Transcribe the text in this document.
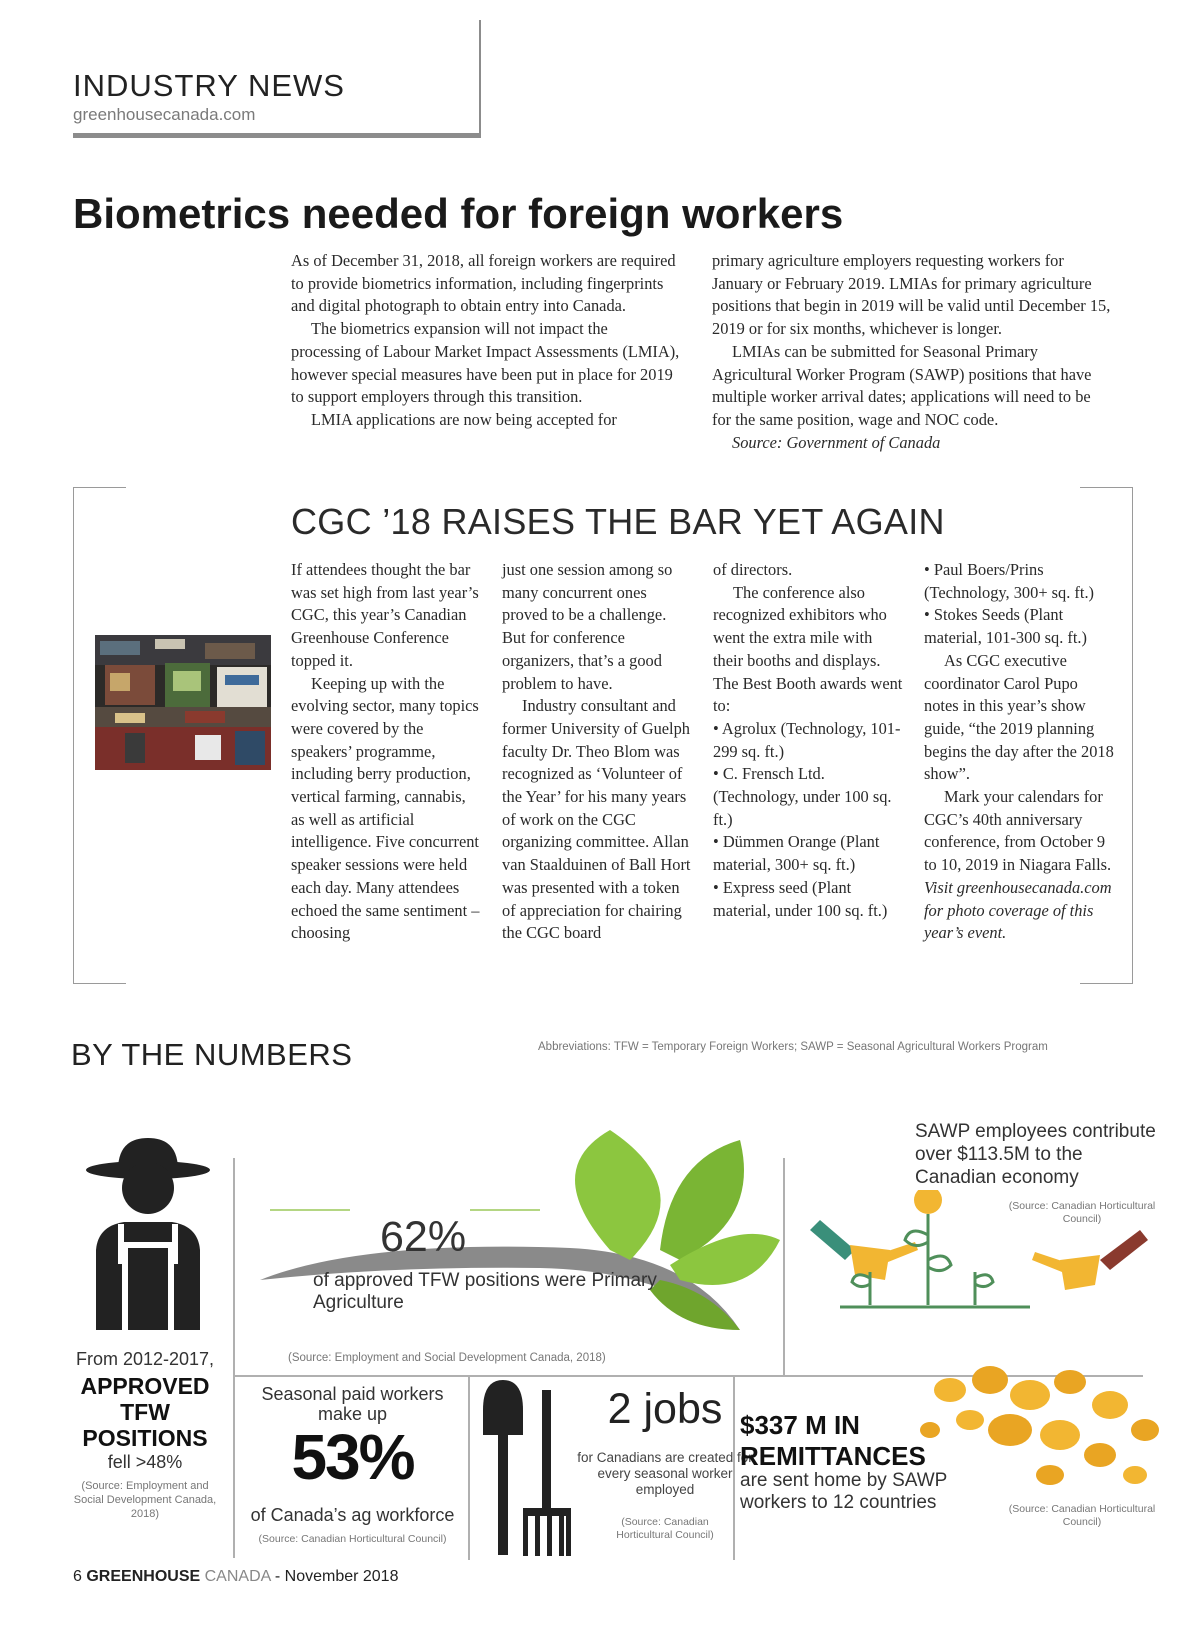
INDUSTRY NEWS
greenhousecanada.com
Biometrics needed for foreign workers

As of December 31, 2018, all foreign workers are required to provide biometrics information, including fingerprints and digital photograph to obtain entry into Canada.

The biometrics expansion will not impact the processing of Labour Market Impact Assessments (LMIA), however special measures have been put in place for 2019 to support employers through this transition.

LMIA applications are now being accepted for

primary agriculture employers requesting workers for January or February 2019. LMIAs for primary agriculture positions that begin in 2019 will be valid until December 15, 2019 or for six months, whichever is longer.

LMIAs can be submitted for Seasonal Primary Agricultural Worker Program (SAWP) positions that have multiple worker arrival dates; applications will need to be for the same position, wage and NOC code.

Source: Government of Canada

CGC ’18 RAISES THE BAR YET AGAIN

If attendees thought the bar was set high from last year’s CGC, this year’s Canadian Greenhouse Conference topped it.

Keeping up with the evolving sector, many topics were covered by the speakers’ programme, including berry production, vertical farming, cannabis, as well as artificial intelligence. Five concurrent speaker sessions were held each day. Many attendees echoed the same sentiment – choosing

just one session among so many concurrent ones proved to be a challenge. But for conference organizers, that’s a good problem to have.

Industry consultant and former University of Guelph faculty Dr. Theo Blom was recognized as ‘Volunteer of the Year’ for his many years of work on the CGC organizing committee. Allan van Staalduinen of Ball Hort was presented with a token of appreciation for chairing the CGC board

of directors.

The conference also recognized exhibitors who went the extra mile with their booths and displays. The Best Booth awards went to:

• Agrolux (Technology, 101-299 sq. ft.)

• C. Frensch Ltd. (Technology, under 100 sq. ft.)

• Dümmen Orange (Plant material, 300+ sq. ft.)

• Express seed (Plant material, under 100 sq. ft.)

• Paul Boers/Prins (Technology, 300+ sq. ft.)

• Stokes Seeds (Plant material, 101-300 sq. ft.)

As CGC executive coordinator Carol Pupo notes in this year’s show guide, “the 2019 planning begins the day after the 2018 show”.

Mark your calendars for CGC’s 40th anniversary conference, from October 9 to 10, 2019 in Niagara Falls.

Visit greenhousecanada.com for photo coverage of this year’s event.

BY THE NUMBERS	Abbreviations: TFW = Temporary Foreign Workers; SAWP = Seasonal Agricultural Workers Program
From 2012-2017,
APPROVED TFW POSITIONS
fell >48%
(Source: Employment and Social Development Canada, 2018)
62%
of approved TFW positions were Primary Agriculture
(Source: Employment and Social Development Canada, 2018)
SAWP employees contribute over $113.5M to the Canadian economy
(Source: Canadian Horticultural Council)
Seasonal paid workers make up
53%
of Canada’s ag workforce
(Source: Canadian Horticultural Council)
2 jobs
for Canadians are created for every seasonal worker employed
(Source: Canadian Horticultural Council)
$337 M IN REMITTANCES
are sent home by SAWP workers to 12 countries	(Source: Canadian Horticultural Council)
6 GREENHOUSE CANADA - November 2018
